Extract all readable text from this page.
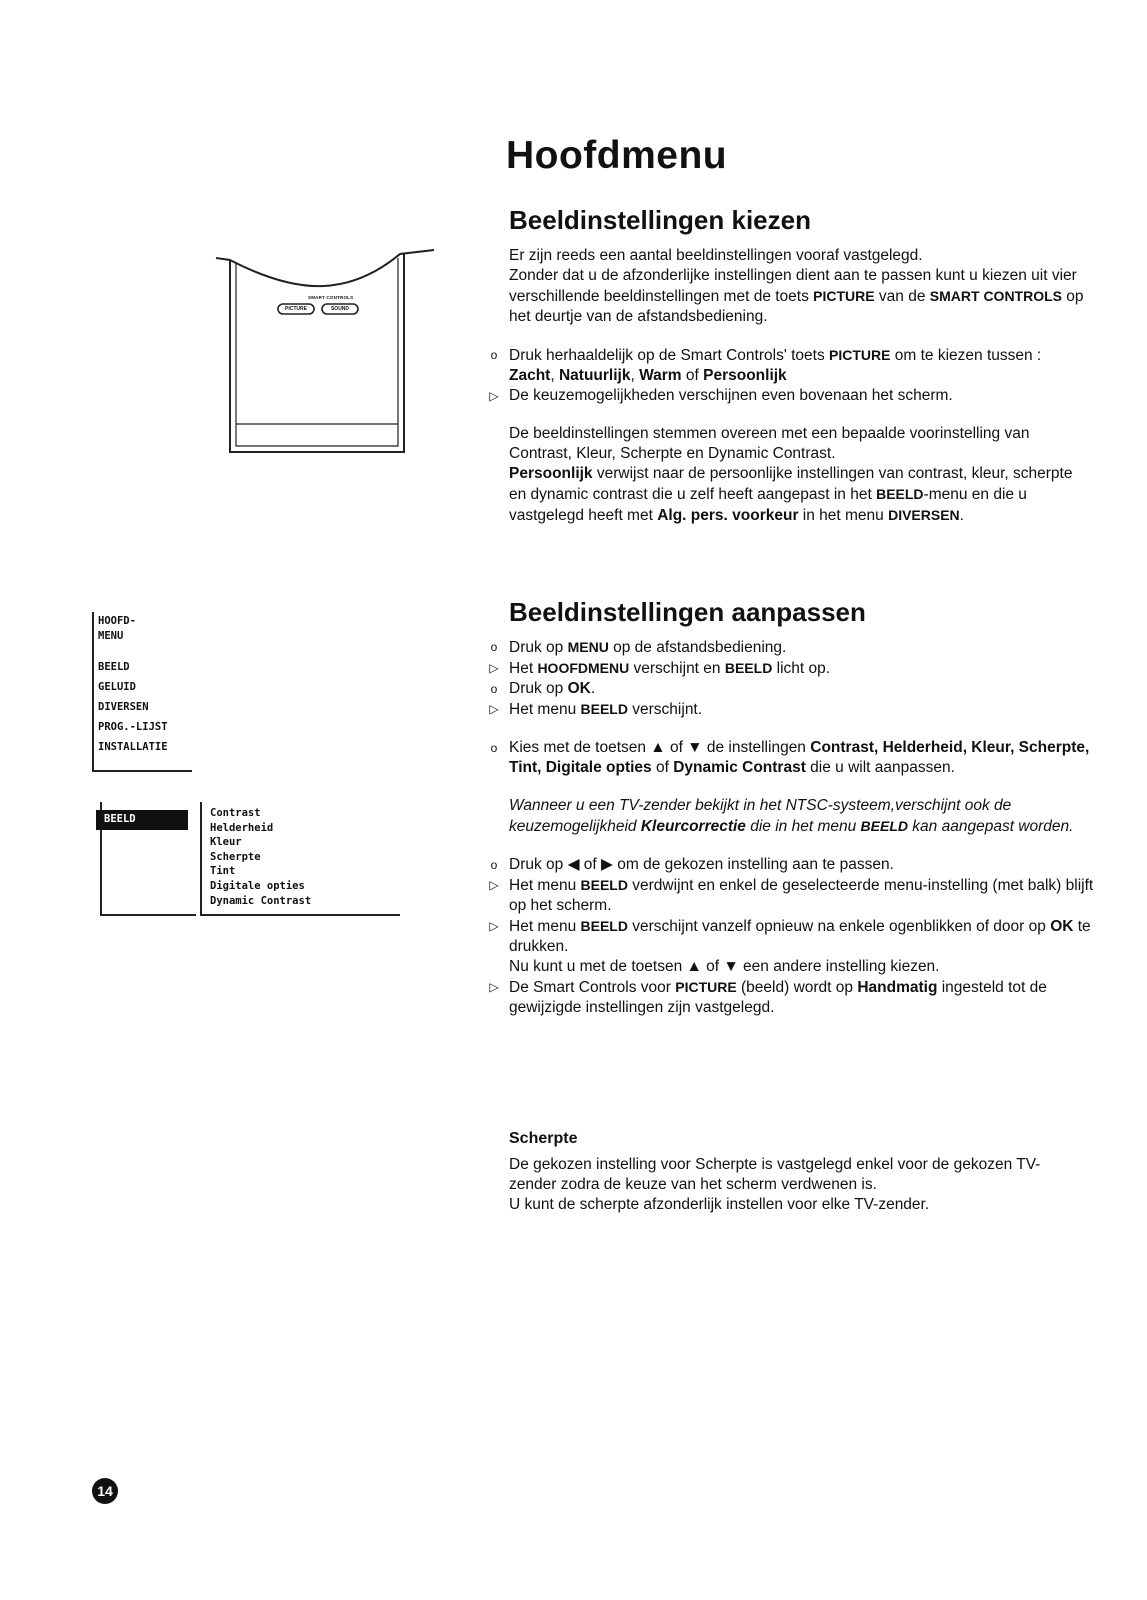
Hoofdmenu
Beeldinstellingen kiezen

Er zijn reeds een aantal beeldinstellingen vooraf vastgelegd.

Zonder dat u de afzonderlijke instellingen dient aan te passen kunt u kiezen uit vier verschillende beeldinstellingen met de toets PICTURE van de SMART CONTROLS op het deurtje van de afstandsbediening.

o Druk herhaaldelijk op de Smart Controls' toets PICTURE om te kiezen tussen :
Zacht, Natuurlijk, Warm of Persoonlijk
▷ De keuzemogelijkheden verschijnen even bovenaan het scherm.

De beeldinstellingen stemmen overeen met een bepaalde voorinstelling van Contrast, Kleur, Scherpte en Dynamic Contrast.

Persoonlijk verwijst naar de persoonlijke instellingen van contrast, kleur, scherpte en dynamic contrast die u zelf heeft aangepast in het BEELD-menu en die u vastgelegd heeft met Alg. pers. voorkeur in het menu DIVERSEN.

Beeldinstellingen aanpassen
o Druk op MENU op de afstandsbediening.
▷ Het HOOFDMENU verschijnt en BEELD licht op.
o Druk op OK.
▷ Het menu BEELD verschijnt.
o Kies met de toetsen ▲ of ▼ de instellingen Contrast, Helderheid, Kleur, Scherpte, Tint, Digitale opties of Dynamic Contrast die u wilt aanpassen.

Wanneer u een TV-zender bekijkt in het NTSC-systeem,verschijnt ook de keuzemogelijkheid Kleurcorrectie die in het menu BEELD kan aangepast worden.

o Druk op ◀ of ▶ om de gekozen instelling aan te passen.
▷ Het menu BEELD verdwijnt en enkel de geselecteerde menu-instelling (met balk) blijft op het scherm.
▷ Het menu BEELD verschijnt vanzelf opnieuw na enkele ogenblikken of door op OK te drukken.
Nu kunt u met de toetsen ▲ of ▼ een andere instelling kiezen.
▷ De Smart Controls voor PICTURE (beeld) wordt op Handmatig ingesteld tot de gewijzigde instellingen zijn vastgelegd.
Scherpte

De gekozen instelling voor Scherpte is vastgelegd enkel voor de gekozen TV-zender zodra de keuze van het scherm verdwenen is.

U kunt de scherpte afzonderlijk instellen voor elke TV-zender.

SMART CONTROLS
PICTURE	SOUND
HOOFD-
MENU
BEELD
GELUID
DIVERSEN
PROG.-LIJST
INSTALLATIE
BEELD	Contrast
Helderheid
Kleur
Scherpte
Tint
Digitale opties
Dynamic Contrast
14
